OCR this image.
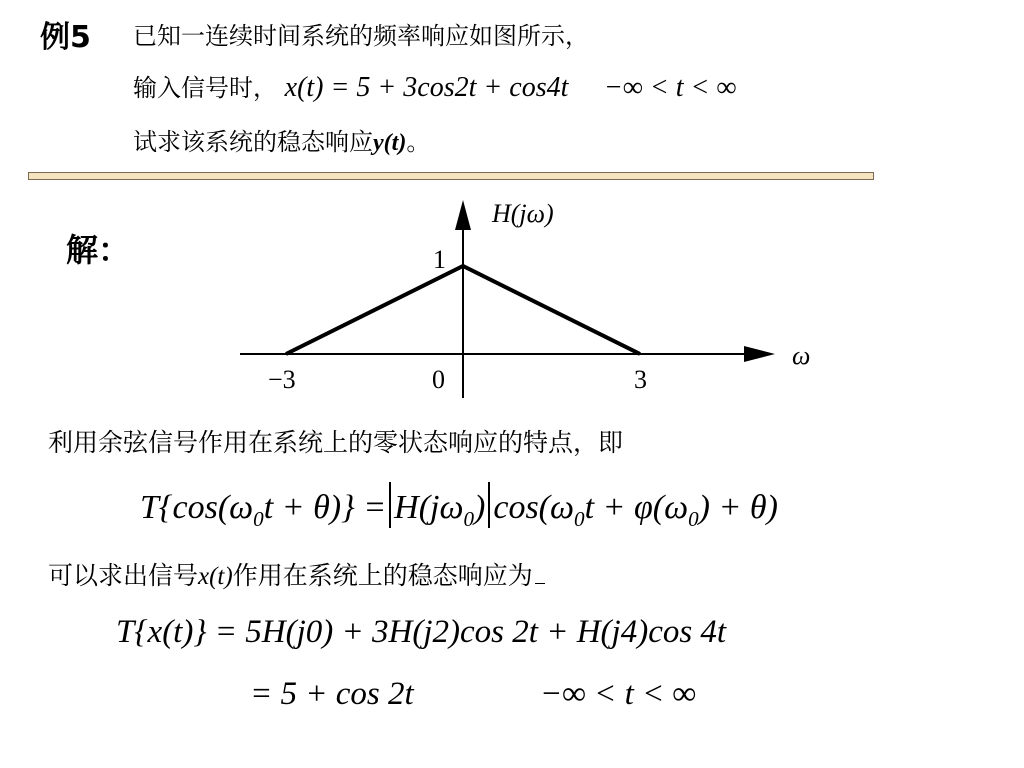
例5 已知一连续时间系统的频率响应如图所示，
输入信号时， x(t) = 5 + 3cos2t + cos4t −∞ < t < ∞
试求该系统的稳态响应y(t)。
解：
H(jω)
ω
1
−3	0	3
利用余弦信号作用在系统上的零状态响应的特点，即
$T\{\cos(\omega_0t + \theta)\} = H(j\omega_0) \cos(\omega_0t + \varphi(\omega_0) + \theta)$
可以求出信号x(t)作用在系统上的稳态响应为
T{x(t)} = 5H(j0) + 3H(j2)cos 2t + H(j4)cos 4t
= 5 + cos 2t	−∞ < t < ∞
